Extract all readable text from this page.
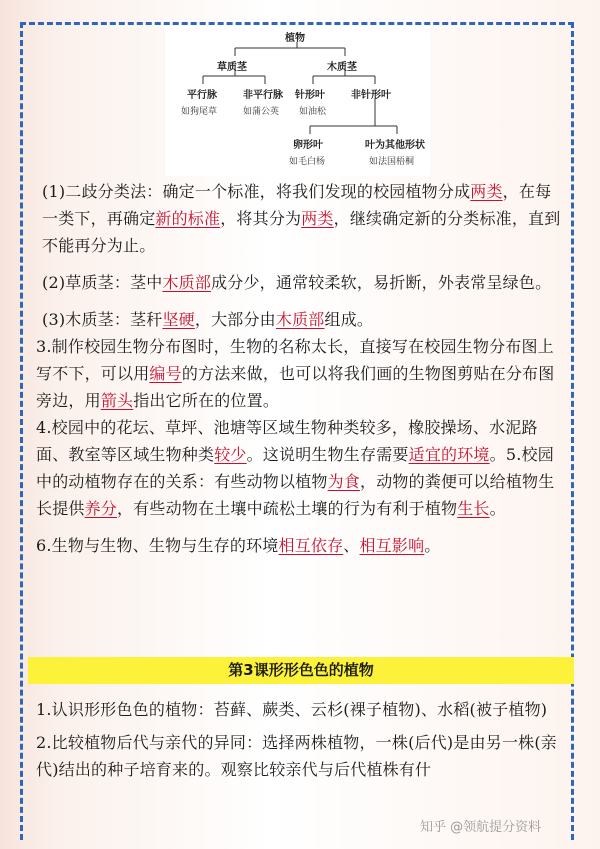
植物
草质茎	木质茎
平行脉
如狗尾草
非平行脉
如蒲公英
针形叶
如油松
非针形叶
卵形叶
如毛白杨
叶为其他形状
如法国梧桐

(1)二歧分类法：确定一个标准，将我们发现的校园植物分成两类，在每一类下，再确定新的标准，将其分为两类，继续确定新的分类标准，直到不能再分为止。

(2)草质茎：茎中木质部成分少，通常较柔软，易折断，外表常呈绿色。

(3)木质茎：茎秆坚硬，大部分由木质部组成。

3.制作校园生物分布图时，生物的名称太长，直接写在校园生物分布图上写不下，可以用编号的方法来做，也可以将我们画的生物图剪贴在分布图旁边，用箭头指出它所在的位置。

4.校园中的花坛、草坪、池塘等区域生物种类较多，橡胶操场、水泥路面、教室等区域生物种类较少。这说明生物生存需要适宜的环境。5.校园中的动植物存在的关系：有些动物以植物为食，动物的粪便可以给植物生长提供养分，有些动物在土壤中疏松土壤的行为有利于植物生长。

6.生物与生物、生物与生存的环境相互依存、相互影响。

第3课形形色色的植物

1.认识形形色色的植物：苔藓、蕨类、云杉(裸子植物)、水稻(被子植物)

2.比较植物后代与亲代的异同：选择两株植物，一株(后代)是由另一株(亲代)结出的种子培育来的。观察比较亲代与后代植株有什

知乎 @领航提分资料
